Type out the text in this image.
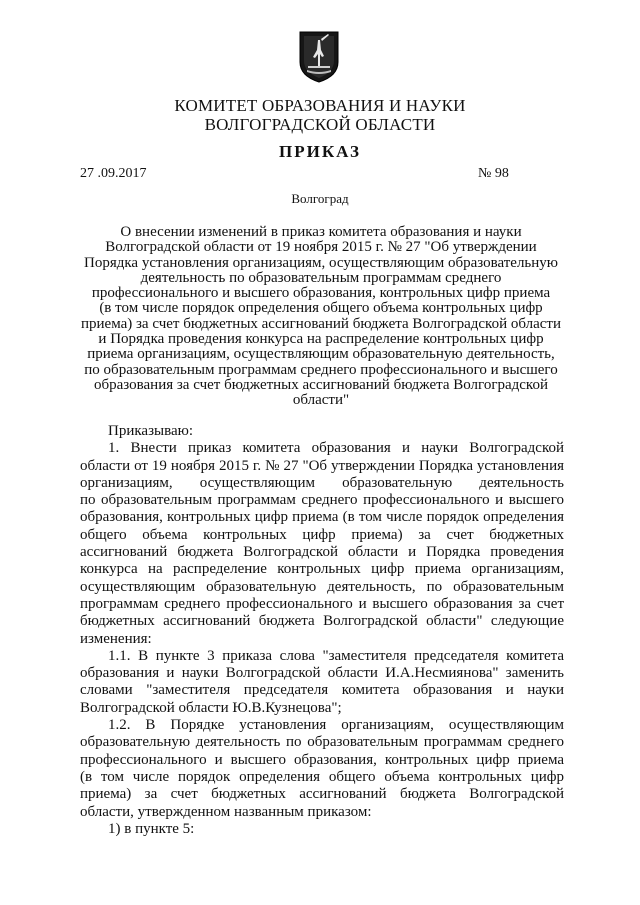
КОМИТЕТ ОБРАЗОВАНИЯ И НАУКИ
ВОЛГОГРАДСКОЙ ОБЛАСТИ
ПРИКАЗ
27 .09.2017	№ 98
Волгоград
О внесении изменений в приказ комитета образования и науки
Волгоградской области от 19 ноября 2015 г. № 27 "Об утверждении
Порядка установления организациям, осуществляющим образовательную
деятельность по образовательным программам среднего
профессионального и высшего образования, контрольных цифр приема
(в том числе порядок определения общего объема контрольных цифр
приема) за счет бюджетных ассигнований бюджета Волгоградской области
и Порядка проведения конкурса на распределение контрольных цифр
приема организациям, осуществляющим образовательную деятельность,
по образовательным программам среднего профессионального и высшего
образования за счет бюджетных ассигнований бюджета Волгоградской
области"
Приказываю:
1. Внести приказ комитета образования и науки Волгоградской
области от 19 ноября 2015 г. № 27 "Об утверждении Порядка установления
организациям, осуществляющим образовательную деятельность
по образовательным программам среднего профессионального и высшего
образования, контрольных цифр приема (в том числе порядок определения
общего объема контрольных цифр приема) за счет бюджетных
ассигнований бюджета Волгоградской области и Порядка проведения
конкурса на распределение контрольных цифр приема организациям,
осуществляющим образовательную деятельность, по образовательным
программам среднего профессионального и высшего образования за счет
бюджетных ассигнований бюджета Волгоградской области" следующие
изменения:
1.1. В пункте 3 приказа слова "заместителя председателя комитета
образования и науки Волгоградской области И.А.Несмиянова" заменить
словами "заместителя председателя комитета образования и науки
Волгоградской области Ю.В.Кузнецова";
1.2. В Порядке установления организациям, осуществляющим
образовательную деятельность по образовательным программам среднего
профессионального и высшего образования, контрольных цифр приема
(в том числе порядок определения общего объема контрольных цифр
приема) за счет бюджетных ассигнований бюджета Волгоградской
области, утвержденном названным приказом:
1) в пункте 5:
